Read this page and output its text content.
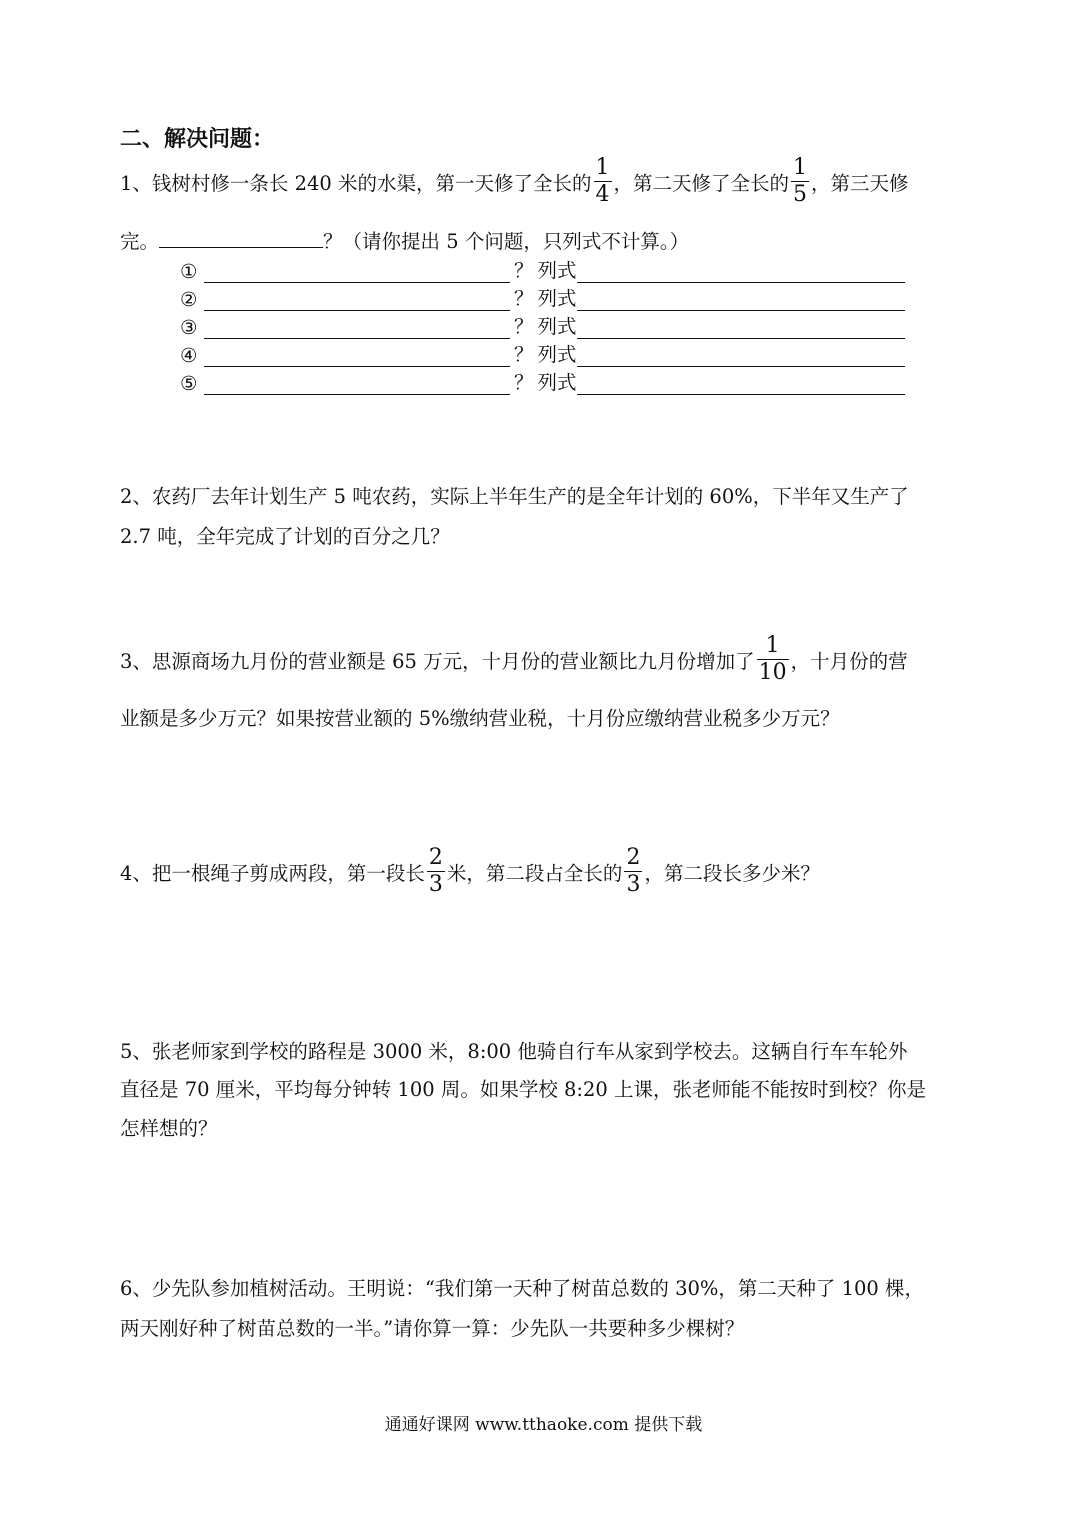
二、解决问题：
1、钱树村修一条长 240 米的水渠，第一天修了全长的 $\frac{1}{4}$ ，第二天修了全长的 $\frac{1}{5}$ ，第三天修
完。	？（请你提出 5 个问题，只列式不计算。）
①	？ 列式
②	？ 列式
③	？ 列式
④	？ 列式
⑤	？ 列式
2、农药厂去年计划生产 5 吨农药，实际上半年生产的是全年计划的 60%，下半年又生产了
2.7 吨，全年完成了计划的百分之几？
3、思源商场九月份的营业额是 65 万元，十月份的营业额比九月份增加了 $\frac{1}{10}$ ，十月份的营
业额是多少万元？如果按营业额的 5%缴纳营业税，十月份应缴纳营业税多少万元？
4、把一根绳子剪成两段，第一段长 $\frac{2}{3}$ 米，第二段占全长的 $\frac{2}{3}$ ，第二段长多少米？
5、张老师家到学校的路程是 3000 米，8:00 他骑自行车从家到学校去。这辆自行车车轮外
直径是 70 厘米，平均每分钟转 100 周。如果学校 8:20 上课，张老师能不能按时到校？你是
怎样想的？
6、少先队参加植树活动。王明说：“我们第一天种了树苗总数的 30%，第二天种了 100 棵，
两天刚好种了树苗总数的一半。”请你算一算：少先队一共要种多少棵树？
通通好课网 www.tthaoke.com 提供下载
